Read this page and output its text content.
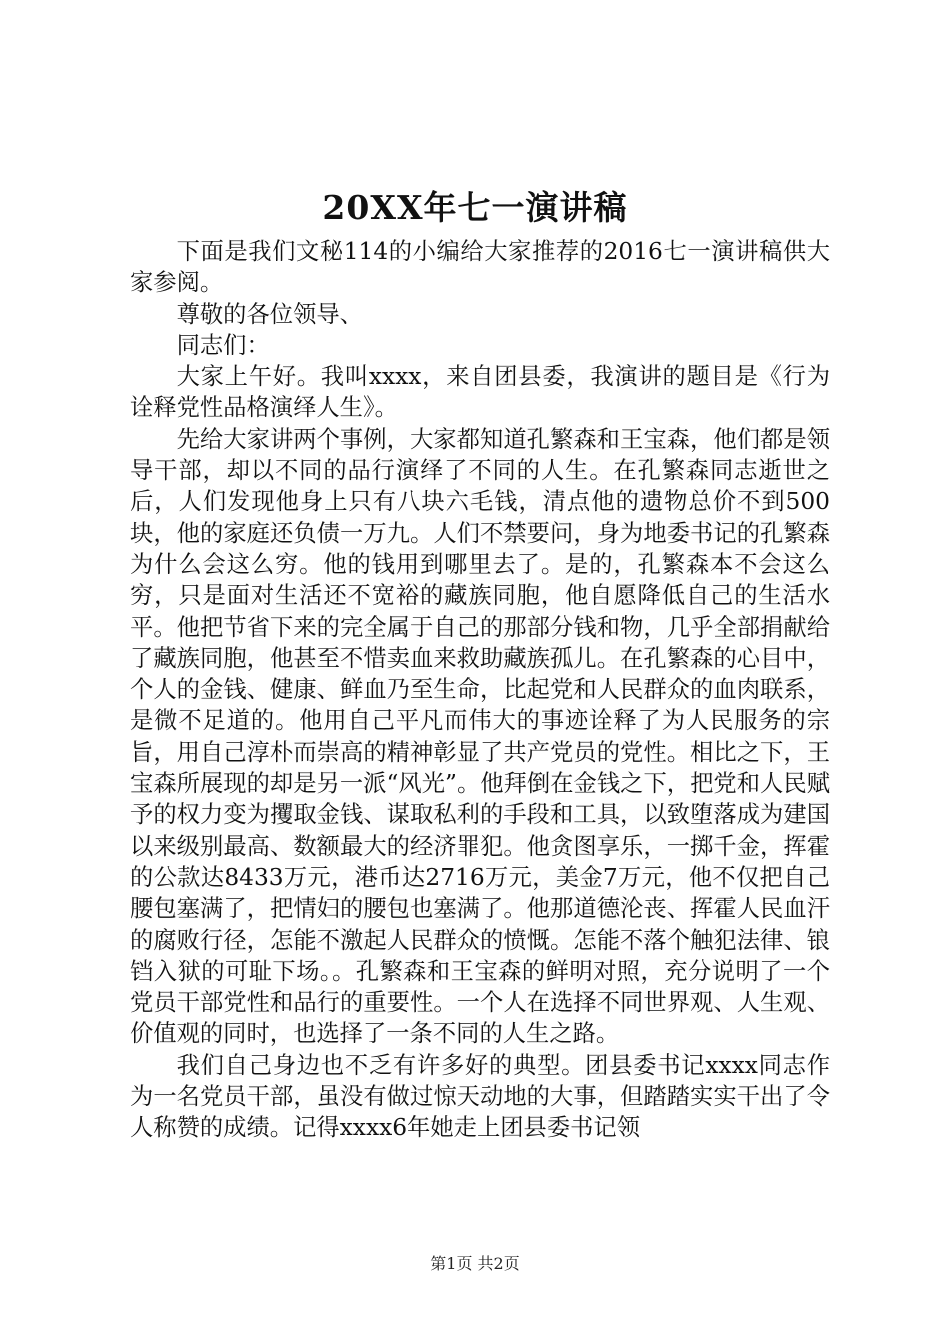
20XX年七一演讲稿

下面是我们文秘114的小编给大家推荐的2016七一演讲稿供大家参阅。

尊敬的各位领导、

同志们：

大家上午好。我叫xxxx，来自团县委，我演讲的题目是《行为诠释党性品格演绎人生》。

先给大家讲两个事例，大家都知道孔繁森和王宝森，他们都是领导干部，却以不同的品行演绎了不同的人生。在孔繁森同志逝世之后，人们发现他身上只有八块六毛钱，清点他的遗物总价不到500块，他的家庭还负债一万九。人们不禁要问，身为地委书记的孔繁森为什么会这么穷。他的钱用到哪里去了。是的，孔繁森本不会这么穷，只是面对生活还不宽裕的藏族同胞，他自愿降低自己的生活水平。他把节省下来的完全属于自己的那部分钱和物，几乎全部捐献给了藏族同胞，他甚至不惜卖血来救助藏族孤儿。在孔繁森的心目中，个人的金钱、健康、鲜血乃至生命，比起党和人民群众的血肉联系，是微不足道的。他用自己平凡而伟大的事迹诠释了为人民服务的宗旨，用自己淳朴而崇高的精神彰显了共产党员的党性。相比之下，王宝森所展现的却是另一派“风光”。他拜倒在金钱之下，把党和人民赋予的权力变为攫取金钱、谋取私利的手段和工具，以致堕落成为建国以来级别最高、数额最大的经济罪犯。他贪图享乐，一掷千金，挥霍的公款达8433万元，港币达2716万元，美金7万元，他不仅把自己腰包塞满了，把情妇的腰包也塞满了。他那道德沦丧、挥霍人民血汗的腐败行径，怎能不激起人民群众的愤慨。怎能不落个触犯法律、锒铛入狱的可耻下场。。孔繁森和王宝森的鲜明对照，充分说明了一个党员干部党性和品行的重要性。一个人在选择不同世界观、人生观、价值观的同时，也选择了一条不同的人生之路。

我们自己身边也不乏有许多好的典型。团县委书记xxxx同志作为一名党员干部，虽没有做过惊天动地的大事，但踏踏实实干出了令人称赞的成绩。记得xxxx6年她走上团县委书记领

第1页 共2页
